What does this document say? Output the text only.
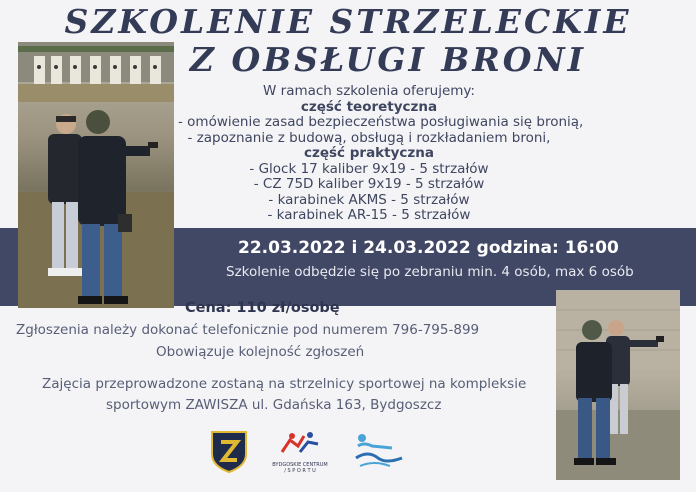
SZKOLENIE STRZELECKIE
Z OBSŁUGI BRONI
W ramach szkolenia oferujemy:
część teoretyczna
- omówienie zasad bezpieczeństwa posługiwania się bronią,
- zapoznanie z budową, obsługą i rozkładaniem broni,
część praktyczna
- Glock 17 kaliber 9x19 - 5 strzałów
- CZ 75D kaliber 9x19 - 5 strzałów
- karabinek AKMS - 5 strzałów
- karabinek AR-15 - 5 strzałów
22.03.2022 i 24.03.2022 godzina: 16:00
Szkolenie odbędzie się po zebraniu min. 4 osób, max 6 osób
Cena: 110 zł/osobę
Zgłoszenia należy dokonać telefonicznie pod numerem 796-795-899
Obowiązuje kolejność zgłoszeń
Zajęcia przeprowadzone zostaną na strzelnicy sportowej na kompleksie
sportowym ZAWISZA ul. Gdańska 163, Bydgoszcz
BYDGOSKIE CENTRUM
/ S P O R T U
